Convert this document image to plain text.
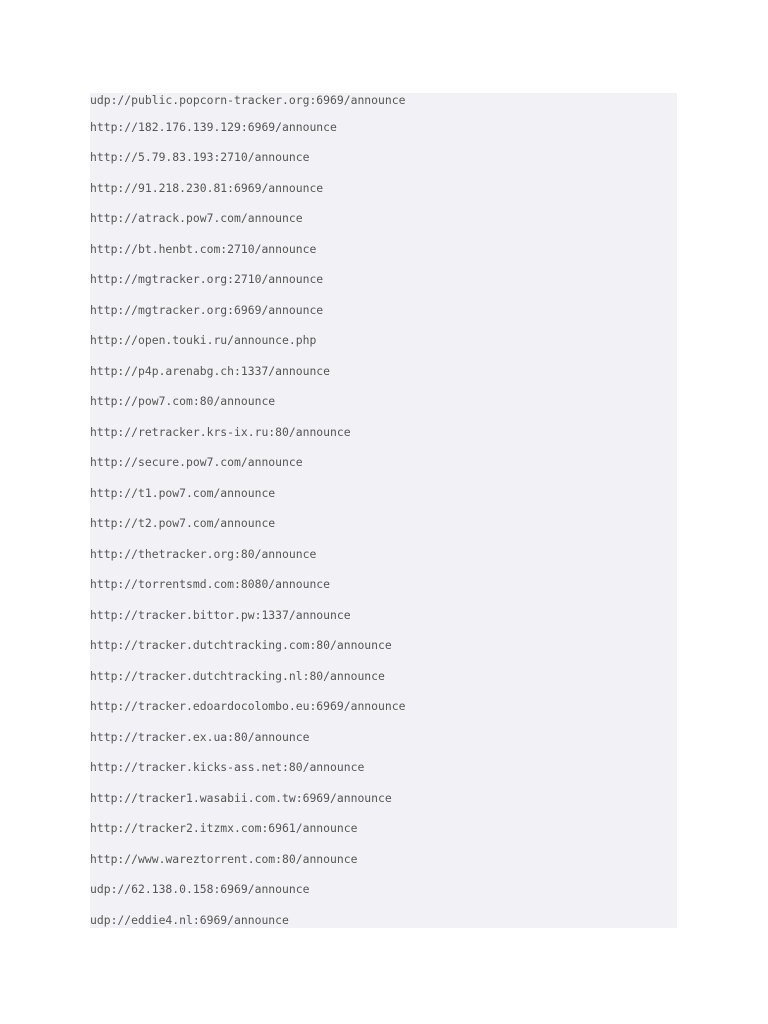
udp://public.popcorn-tracker.org:6969/announce
http://182.176.139.129:6969/announce
http://5.79.83.193:2710/announce
http://91.218.230.81:6969/announce
http://atrack.pow7.com/announce
http://bt.henbt.com:2710/announce
http://mgtracker.org:2710/announce
http://mgtracker.org:6969/announce
http://open.touki.ru/announce.php
http://p4p.arenabg.ch:1337/announce
http://pow7.com:80/announce
http://retracker.krs-ix.ru:80/announce
http://secure.pow7.com/announce
http://t1.pow7.com/announce
http://t2.pow7.com/announce
http://thetracker.org:80/announce
http://torrentsmd.com:8080/announce
http://tracker.bittor.pw:1337/announce
http://tracker.dutchtracking.com:80/announce
http://tracker.dutchtracking.nl:80/announce
http://tracker.edoardocolombo.eu:6969/announce
http://tracker.ex.ua:80/announce
http://tracker.kicks-ass.net:80/announce
http://tracker1.wasabii.com.tw:6969/announce
http://tracker2.itzmx.com:6961/announce
http://www.wareztorrent.com:80/announce
udp://62.138.0.158:6969/announce
udp://eddie4.nl:6969/announce
